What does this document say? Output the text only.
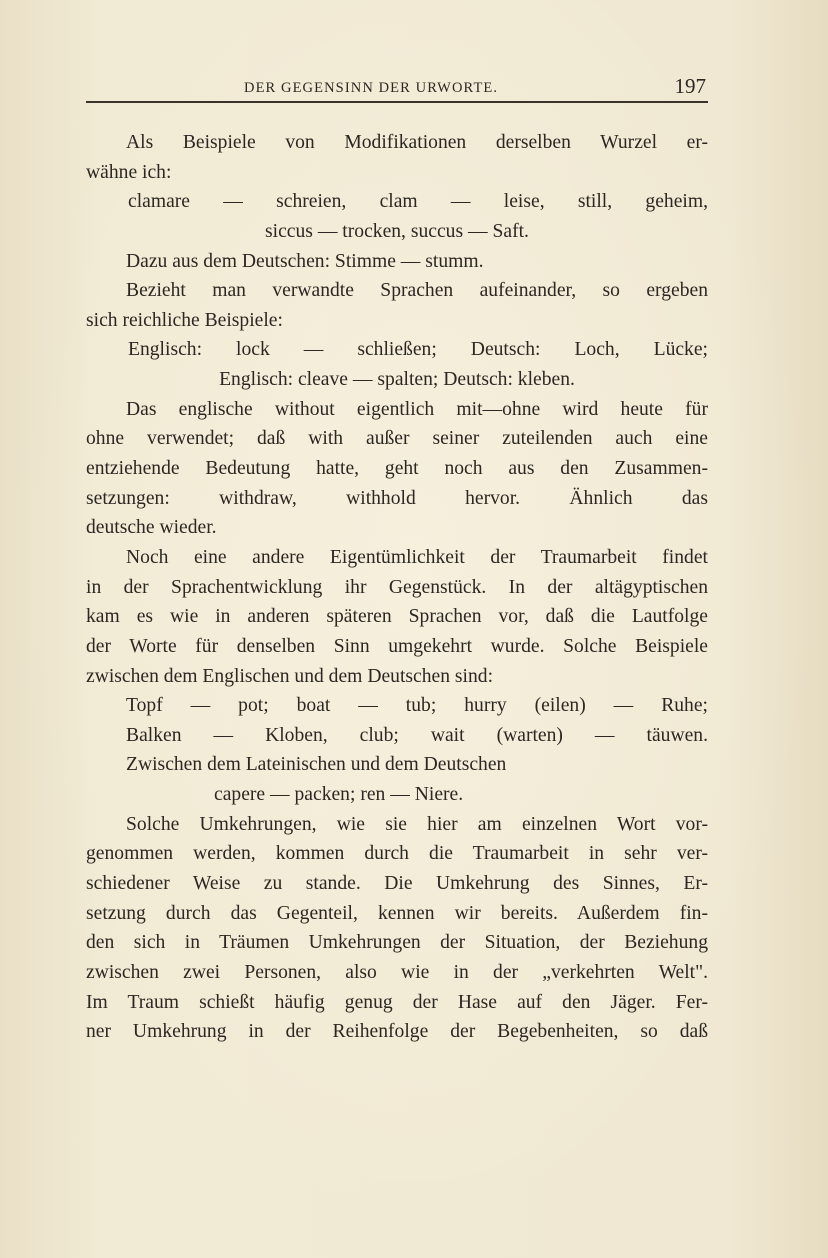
DER GEGENSINN DER URWORTE.	197
Als Beispiele von Modifikationen derselben Wurzel er-
wähne ich:
clamare — schreien, clam — leise, still, geheim,
siccus — trocken, succus — Saft.
Dazu aus dem Deutschen: Stimme — stumm.
Bezieht man verwandte Sprachen aufeinander, so ergeben
sich reichliche Beispiele:
Englisch: lock — schließen; Deutsch: Loch, Lücke;
Englisch: cleave — spalten; Deutsch: kleben.
Das englische without eigentlich mit—ohne wird heute für
ohne verwendet; daß with außer seiner zuteilenden auch eine
entziehende Bedeutung hatte, geht noch aus den Zusammen-
setzungen: withdraw, withhold hervor. Ähnlich das
deutsche wieder.
Noch eine andere Eigentümlichkeit der Traumarbeit findet
in der Sprachentwicklung ihr Gegenstück. In der altägyptischen
kam es wie in anderen späteren Sprachen vor, daß die Lautfolge
der Worte für denselben Sinn umgekehrt wurde. Solche Beispiele
zwischen dem Englischen und dem Deutschen sind:
Topf — pot; boat — tub; hurry (eilen) — Ruhe;
Balken — Kloben, club; wait (warten) — täuwen.
Zwischen dem Lateinischen und dem Deutschen
capere — packen; ren — Niere.
Solche Umkehrungen, wie sie hier am einzelnen Wort vor-
genommen werden, kommen durch die Traumarbeit in sehr ver-
schiedener Weise zu stande. Die Umkehrung des Sinnes, Er-
setzung durch das Gegenteil, kennen wir bereits. Außerdem fin-
den sich in Träumen Umkehrungen der Situation, der Beziehung
zwischen zwei Personen, also wie in der „verkehrten Welt".
Im Traum schießt häufig genug der Hase auf den Jäger. Fer-
ner Umkehrung in der Reihenfolge der Begebenheiten, so daß
